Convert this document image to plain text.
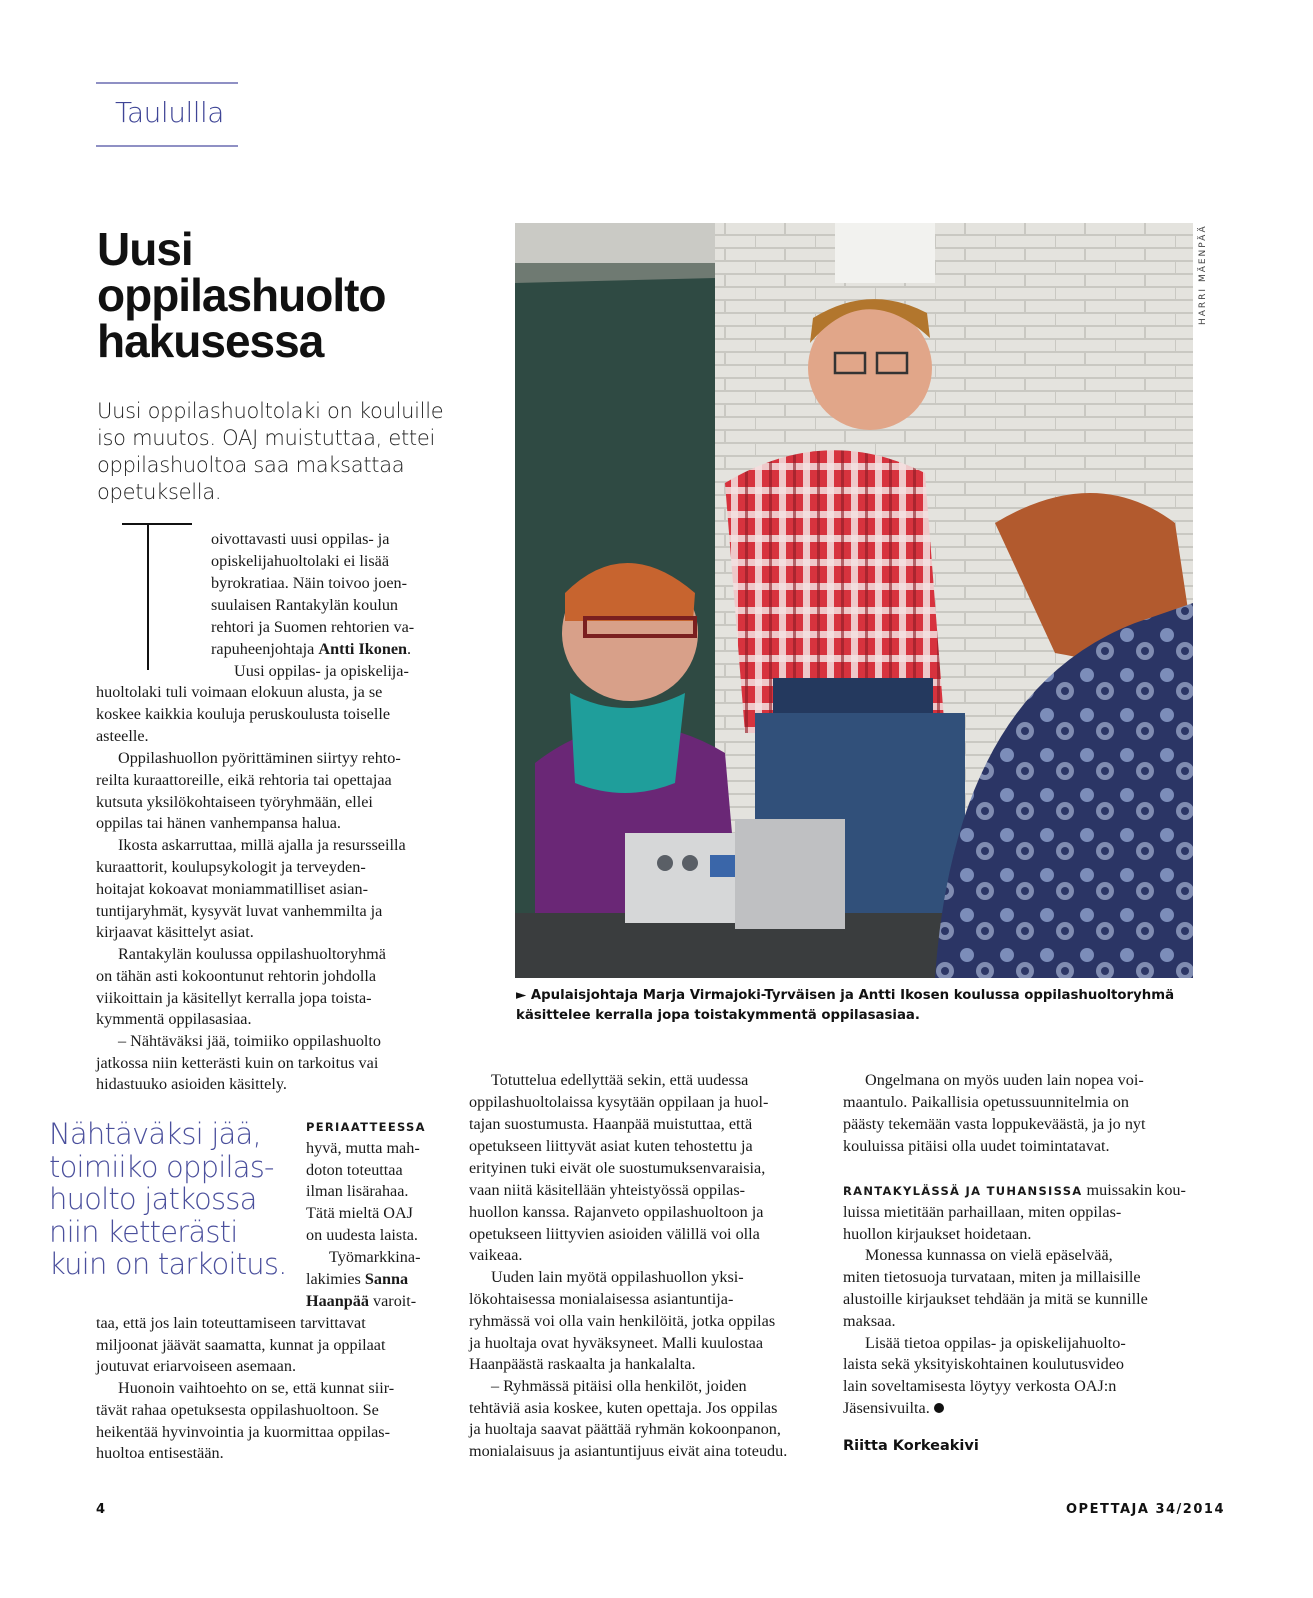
Taulullla
Uusi
oppilashuolto
hakusessa
Uusi oppilashuoltolaki on kouluille
iso muutos. OAJ muistuttaa, ettei
oppilashuoltoa saa maksattaa
opetuksella.
oivottavasti uusi oppilas- ja
opiskelijahuoltolaki ei lisää
byrokratiaa. Näin toivoo joen-
suulaisen Rantakylän koulun
rehtori ja Suomen rehtorien va-
rapuheenjohtaja Antti Ikonen.
Uusi oppilas- ja opiskelija-
huoltolaki tuli voimaan elokuun alusta, ja se
koskee kaikkia kouluja peruskoulusta toiselle
asteelle.
Oppilashuollon pyörittäminen siirtyy rehto-
reilta kuraattoreille, eikä rehtoria tai opettajaa
kutsuta yksilökohtaiseen työryhmään, ellei
oppilas tai hänen vanhempansa halua.
Ikosta askarruttaa, millä ajalla ja resursseilla
kuraattorit, koulupsykologit ja terveyden-
hoitajat kokoavat moniammatilliset asian-
tuntijaryhmät, kysyvät luvat vanhemmilta ja
kirjaavat käsittelyt asiat.
Rantakylän koulussa oppilashuoltoryhmä
on tähän asti kokoontunut rehtorin johdolla
viikoittain ja käsitellyt kerralla jopa toista-
kymmentä oppilasasiaa.
– Nähtäväksi jää, toimiiko oppilashuolto
jatkossa niin ketterästi kuin on tarkoitus vai
hidastuuko asioiden käsittely.
Nähtäväksi jää,
toimiiko oppilas-
huolto jatkossa
niin ketterästi
kuin on tarkoitus.
PERIAATTEESSA
hyvä, mutta mah-
doton toteuttaa
ilman lisärahaa.
Tätä mieltä OAJ
on uudesta laista.
Työmarkkina-
lakimies Sanna
Haanpää varoit-
taa, että jos lain toteuttamiseen tarvittavat
miljoonat jäävät saamatta, kunnat ja oppilaat
joutuvat eriarvoiseen asemaan.
Huonoin vaihtoehto on se, että kunnat siir-
tävät rahaa opetuksesta oppilashuoltoon. Se
heikentää hyvinvointia ja kuormittaa oppilas-
huoltoa entisestään.
HARRI MÄENPÄÄ
► Apulaisjohtaja Marja Virmajoki-Tyrväisen ja Antti Ikosen koulussa oppilashuoltoryhmä
käsittelee kerralla jopa toistakymmentä oppilasasiaa.
Totuttelua edellyttää sekin, että uudessa
oppilashuoltolaissa kysytään oppilaan ja huol-
tajan suostumusta. Haanpää muistuttaa, että
opetukseen liittyvät asiat kuten tehostettu ja
erityinen tuki eivät ole suostumuksenvaraisia,
vaan niitä käsitellään yhteistyössä oppilas-
huollon kanssa. Rajanveto oppilashuoltoon ja
opetukseen liittyvien asioiden välillä voi olla
vaikeaa.
Uuden lain myötä oppilashuollon yksi-
lökohtaisessa monialaisessa asiantuntija-
ryhmässä voi olla vain henkilöitä, jotka oppilas
ja huoltaja ovat hyväksyneet. Malli kuulostaa
Haanpäästä raskaalta ja hankalalta.
– Ryhmässä pitäisi olla henkilöt, joiden
tehtäviä asia koskee, kuten opettaja. Jos oppilas
ja huoltaja saavat päättää ryhmän kokoonpanon,
monialaisuus ja asiantuntijuus eivät aina toteudu.
Ongelmana on myös uuden lain nopea voi-
maantulo. Paikallisia opetussuunnitelmia on
päästy tekemään vasta loppukeväästä, ja jo nyt
kouluissa pitäisi olla uudet toimintatavat.
RANTAKYLÄSSÄ JA TUHANSISSA muissakin kou-
luissa mietitään parhaillaan, miten oppilas-
huollon kirjaukset hoidetaan.
Monessa kunnassa on vielä epäselvää,
miten tietosuoja turvataan, miten ja millaisille
alustoille kirjaukset tehdään ja mitä se kunnille
maksaa.
Lisää tietoa oppilas- ja opiskelijahuolto-
laista sekä yksityiskohtainen koulutusvideo
lain soveltamisesta löytyy verkosta OAJ:n
Jäsensivuilta.
Riitta Korkeakivi
4	OPETTAJA 34/2014
